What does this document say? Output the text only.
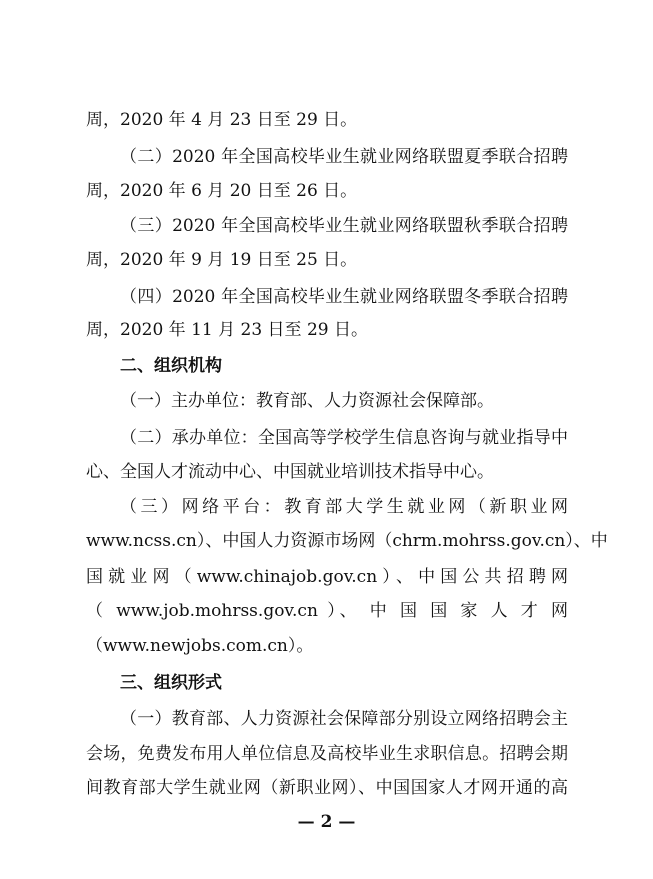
周，2020 年 4 月 23 日至 29 日。
（二）2020 年全国高校毕业生就业网络联盟夏季联合招聘
周，2020 年 6 月 20 日至 26 日。
（三）2020 年全国高校毕业生就业网络联盟秋季联合招聘
周，2020 年 9 月 19 日至 25 日。
（四）2020 年全国高校毕业生就业网络联盟冬季联合招聘
周，2020 年 11 月 23 日至 29 日。
二、组织机构
（一）主办单位：教育部、人力资源社会保障部。
（二）承办单位：全国高等学校学生信息咨询与就业指导中
心、全国人才流动中心、中国就业培训技术指导中心。
（三）网络平台：教育部大学生就业网（新职业网
www.ncss.cn）、中国人力资源市场网（chrm.mohrss.gov.cn）、中
国就业网（www.chinajob.gov.cn）、中国公共招聘网
（ www.job.mohrss.gov.cn ）、 中 国 国 家 人 才 网
（www.newjobs.com.cn）。
三、组织形式
（一）教育部、人力资源社会保障部分别设立网络招聘会主
会场，免费发布用人单位信息及高校毕业生求职信息。招聘会期
间教育部大学生就业网（新职业网）、中国国家人才网开通的高
— 2 —
